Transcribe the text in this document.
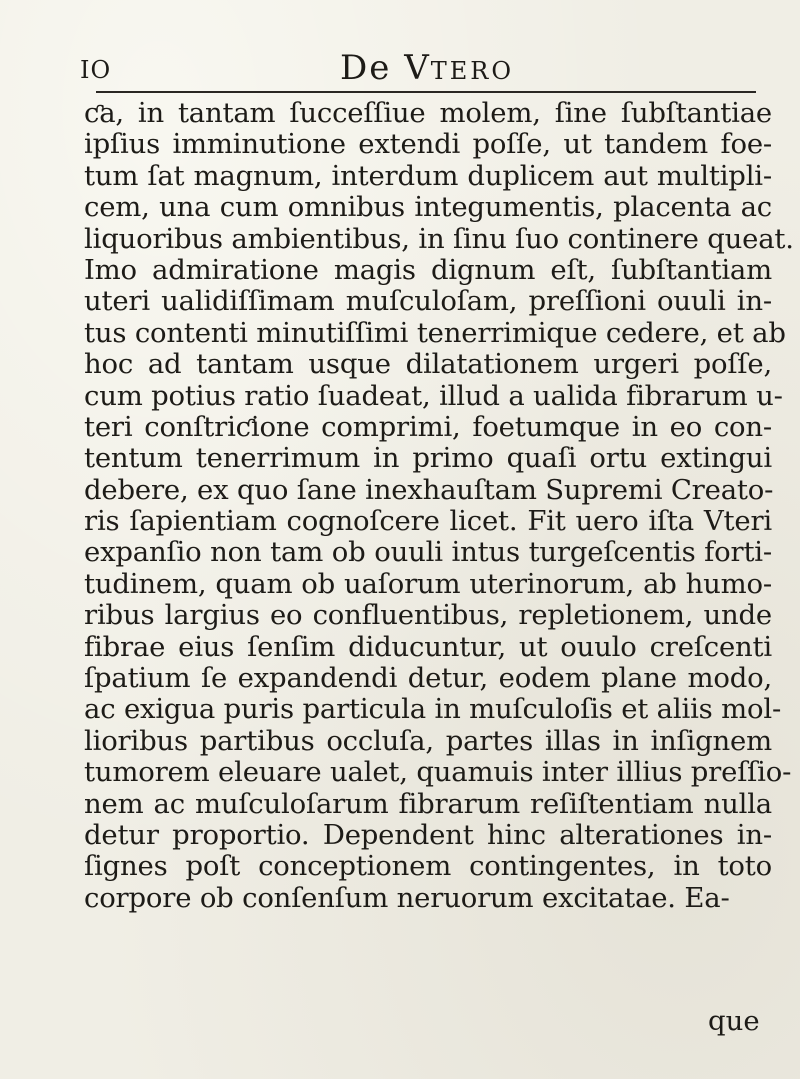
IO	De VTERO
ƈa, in tantam ſucceſſiue molem, ſine ſubſtantiae
ipſius imminutione extendi poſſe, ut tandem foe-
tum ſat magnum, interdum duplicem aut multipli-
cem, una cum omnibus integumentis, placenta ac
liquoribus ambientibus, in ſinu ſuo continere queat.
Imo admiratione magis dignum eſt, ſubſtantiam
uteri ualidiſſimam muſculoſam, preſſioni ouuli in-
tus contenti minutiſſimi tenerrimique cedere, et ab
hoc ad tantam usque dilatationem urgeri poſſe,
cum potius ratio ſuadeat, illud a ualida fibrarum u-
teri conſtriƈione comprimi, foetumque in eo con-
tentum tenerrimum in primo quaſi ortu extingui
debere, ex quo ſane inexhauſtam Supremi Creato-
ris ſapientiam cognoſcere licet. Fit uero iſta Vteri
expanſio non tam ob ouuli intus turgeſcentis forti-
tudinem, quam ob uaſorum uterinorum, ab humo-
ribus largius eo confluentibus, repletionem, unde
fibrae eius ſenſim diducuntur, ut ouulo creſcenti
ſpatium ſe expandendi detur, eodem plane modo,
ac exigua puris particula in muſculoſis et aliis mol-
lioribus partibus occluſa, partes illas in inſignem
tumorem eleuare ualet, quamuis inter illius preſſio-
nem ac muſculoſarum fibrarum reſiſtentiam nulla
detur proportio. Dependent hinc alterationes in-
ſignes poſt conceptionem contingentes, in toto
corpore ob conſenſum neruorum excitatae. Ea-
que
